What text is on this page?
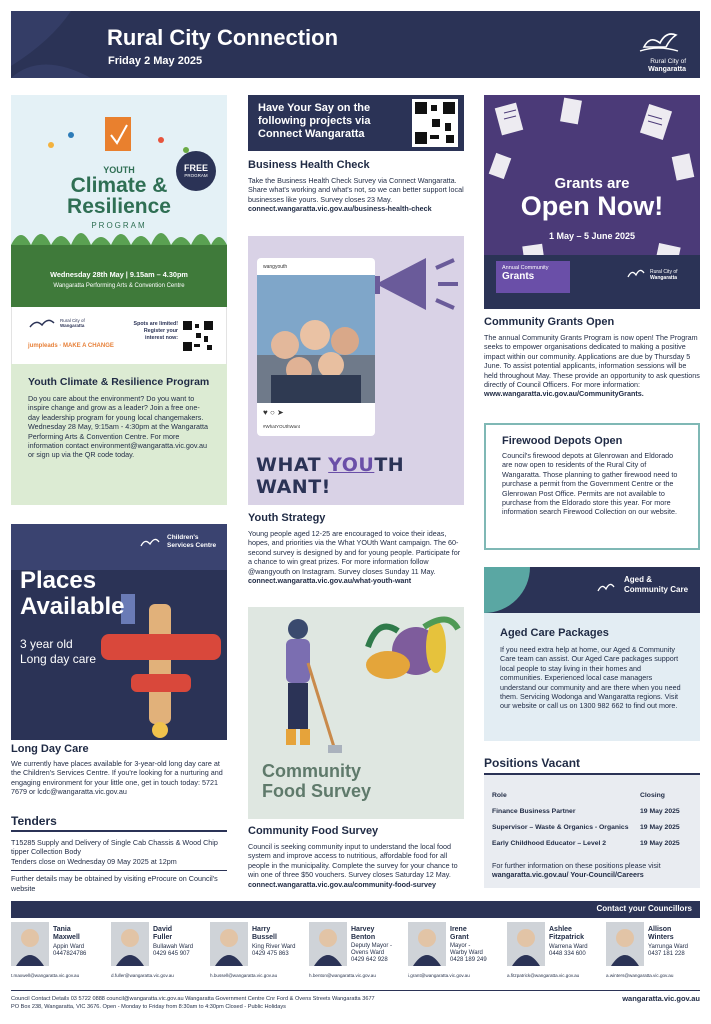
Rural City Connection
Friday 2 May 2025	Rural City of
Wangaratta
FREE
PROGRAM
YOUTH
Climate &
Resilience
PROGRAM
Wednesday 28th May | 9.15am – 4.30pm
Wangaratta Performing Arts & Convention Centre
Rural City of
Wangaratta
jumpleads · MAKE A CHANGE
Spots are limited!
Register your
interest now:
Youth Climate & Resilience Program
Do you care about the environment? Do you want to inspire change and grow as a leader? Join a free one-day leadership program for young local changemakers. Wednesday 28 May, 9:15am - 4:30pm at the Wangaratta Performing Arts & Convention Centre. For more information contact environment@wangaratta.vic.gov.au or sign up via the QR code today.
Children's Services Centre
Places
Available
3 year old
Long day care
Long Day Care
We currently have places available for 3-year-old long day care at the Children's Services Centre. If you're looking for a nurturing and engaging environment for your little one, get in touch today: 5721 7679 or lcdc@wangaratta.vic.gov.au
Tenders
T15285 Supply and Delivery of Single Cab Chassis & Wood Chip tipper Collection Body
Tenders close on Wednesday 09 May 2025 at 12pm
Further details may be obtained by visiting eProcure on Council's website
Have Your Say on the
following projects via
Connect Wangaratta
Business Health Check
Take the Business Health Check Survey via Connect Wangaratta. Share what's working and what's not, so we can better support local businesses like yours. Survey closes 23 May.
connect.wangaratta.vic.gov.au/business-health-check
wangyouth
♥ ○ ➤
#WhatYOUthWant
WHAT YOUTH WANT!
Youth Strategy
Young people aged 12-25 are encouraged to voice their ideas, hopes, and priorities via the What YOUth Want campaign. The 60-second survey is designed by and for young people. Participate for a chance to win great prizes. For more information follow @wangyouth on Instagram. Survey closes Sunday 11 May.
connect.wangaratta.vic.gov.au/what-youth-want
Community
Food Survey
Community Food Survey
Council is seeking community input to understand the local food system and improve access to nutritious, affordable food for all people in the municipality. Complete the survey for your chance to win one of three $50 vouchers. Survey closes Saturday 12 May.
connect.wangaratta.vic.gov.au/community-food-survey
Grants are
Open Now!
1 May – 5 June 2025
Annual Community
Grants	Rural City of
Wangaratta
Community Grants Open
The annual Community Grants Program is now open! The Program seeks to empower organisations dedicated to making a positive impact within our community. Applications are due by Thursday 5 June. To assist potential applicants, information sessions will be held throughout May. These provide an opportunity to ask questions directly of Council Officers. For more information: www.wangaratta.vic.gov.au/CommunityGrants.
Firewood Depots Open
Council's firewood depots at Glenrowan and Eldorado are now open to residents of the Rural City of Wangaratta. Those planning to gather firewood need to purchase a permit from the Government Centre or the Glenrowan Post Office. Permits are not available to purchase from the Eldorado store this year. For more information search Firewood Collection on our website.
Aged & Community Care
Aged Care Packages
If you need extra help at home, our Aged & Community Care team can assist. Our Aged Care packages support local people to stay living in their homes and communities. Experienced local case managers understand our community and are there when you need them. Servicing Wodonga and Wangaratta regions. Visit our website or call us on 1300 982 662 to find out more.
Positions Vacant
Role	Closing
Finance Business Partner	19 May 2025
Supervisor – Waste & Organics - Organics	19 May 2025
Early Childhood Educator – Level 2	19 May 2025
For further information on these positions please visit
wangaratta.vic.gov.au/ Your-Council/Careers
Contact your Councillors
Tania
Maxwell
Appin Ward
0447824786
t.maxwell@wangaratta.vic.gov.au
David
Fuller
Bullawah Ward
0429 645 907
d.fuller@wangaratta.vic.gov.au
Harry
Bussell
King River Ward
0429 475 863
h.bussell@wangaratta.vic.gov.au
Harvey
Benton
Deputy Mayor -
Ovens Ward
0429 642 928
h.benton@wangaratta.vic.gov.au
Irene
Grant
Mayor -
Warby Ward
0428 189 249
i.grant@wangaratta.vic.gov.au
Ashlee
Fitzpatrick
Warrena Ward
0448 334 600
a.fitzpatrick@wangaratta.vic.gov.au
Allison
Winters
Yarrunga Ward
0437 181 228
a.winters@wangaratta.vic.gov.au
Council Contact Details 03 5722 0888 council@wangaratta.vic.gov.au Wangaratta Government Centre Cnr Ford & Ovens Streets Wangaratta 3677
PO Box 238, Wangaratta, VIC 3676. Open - Monday to Friday from 8:30am to 4:30pm Closed - Public Holidays
wangaratta.vic.gov.au
